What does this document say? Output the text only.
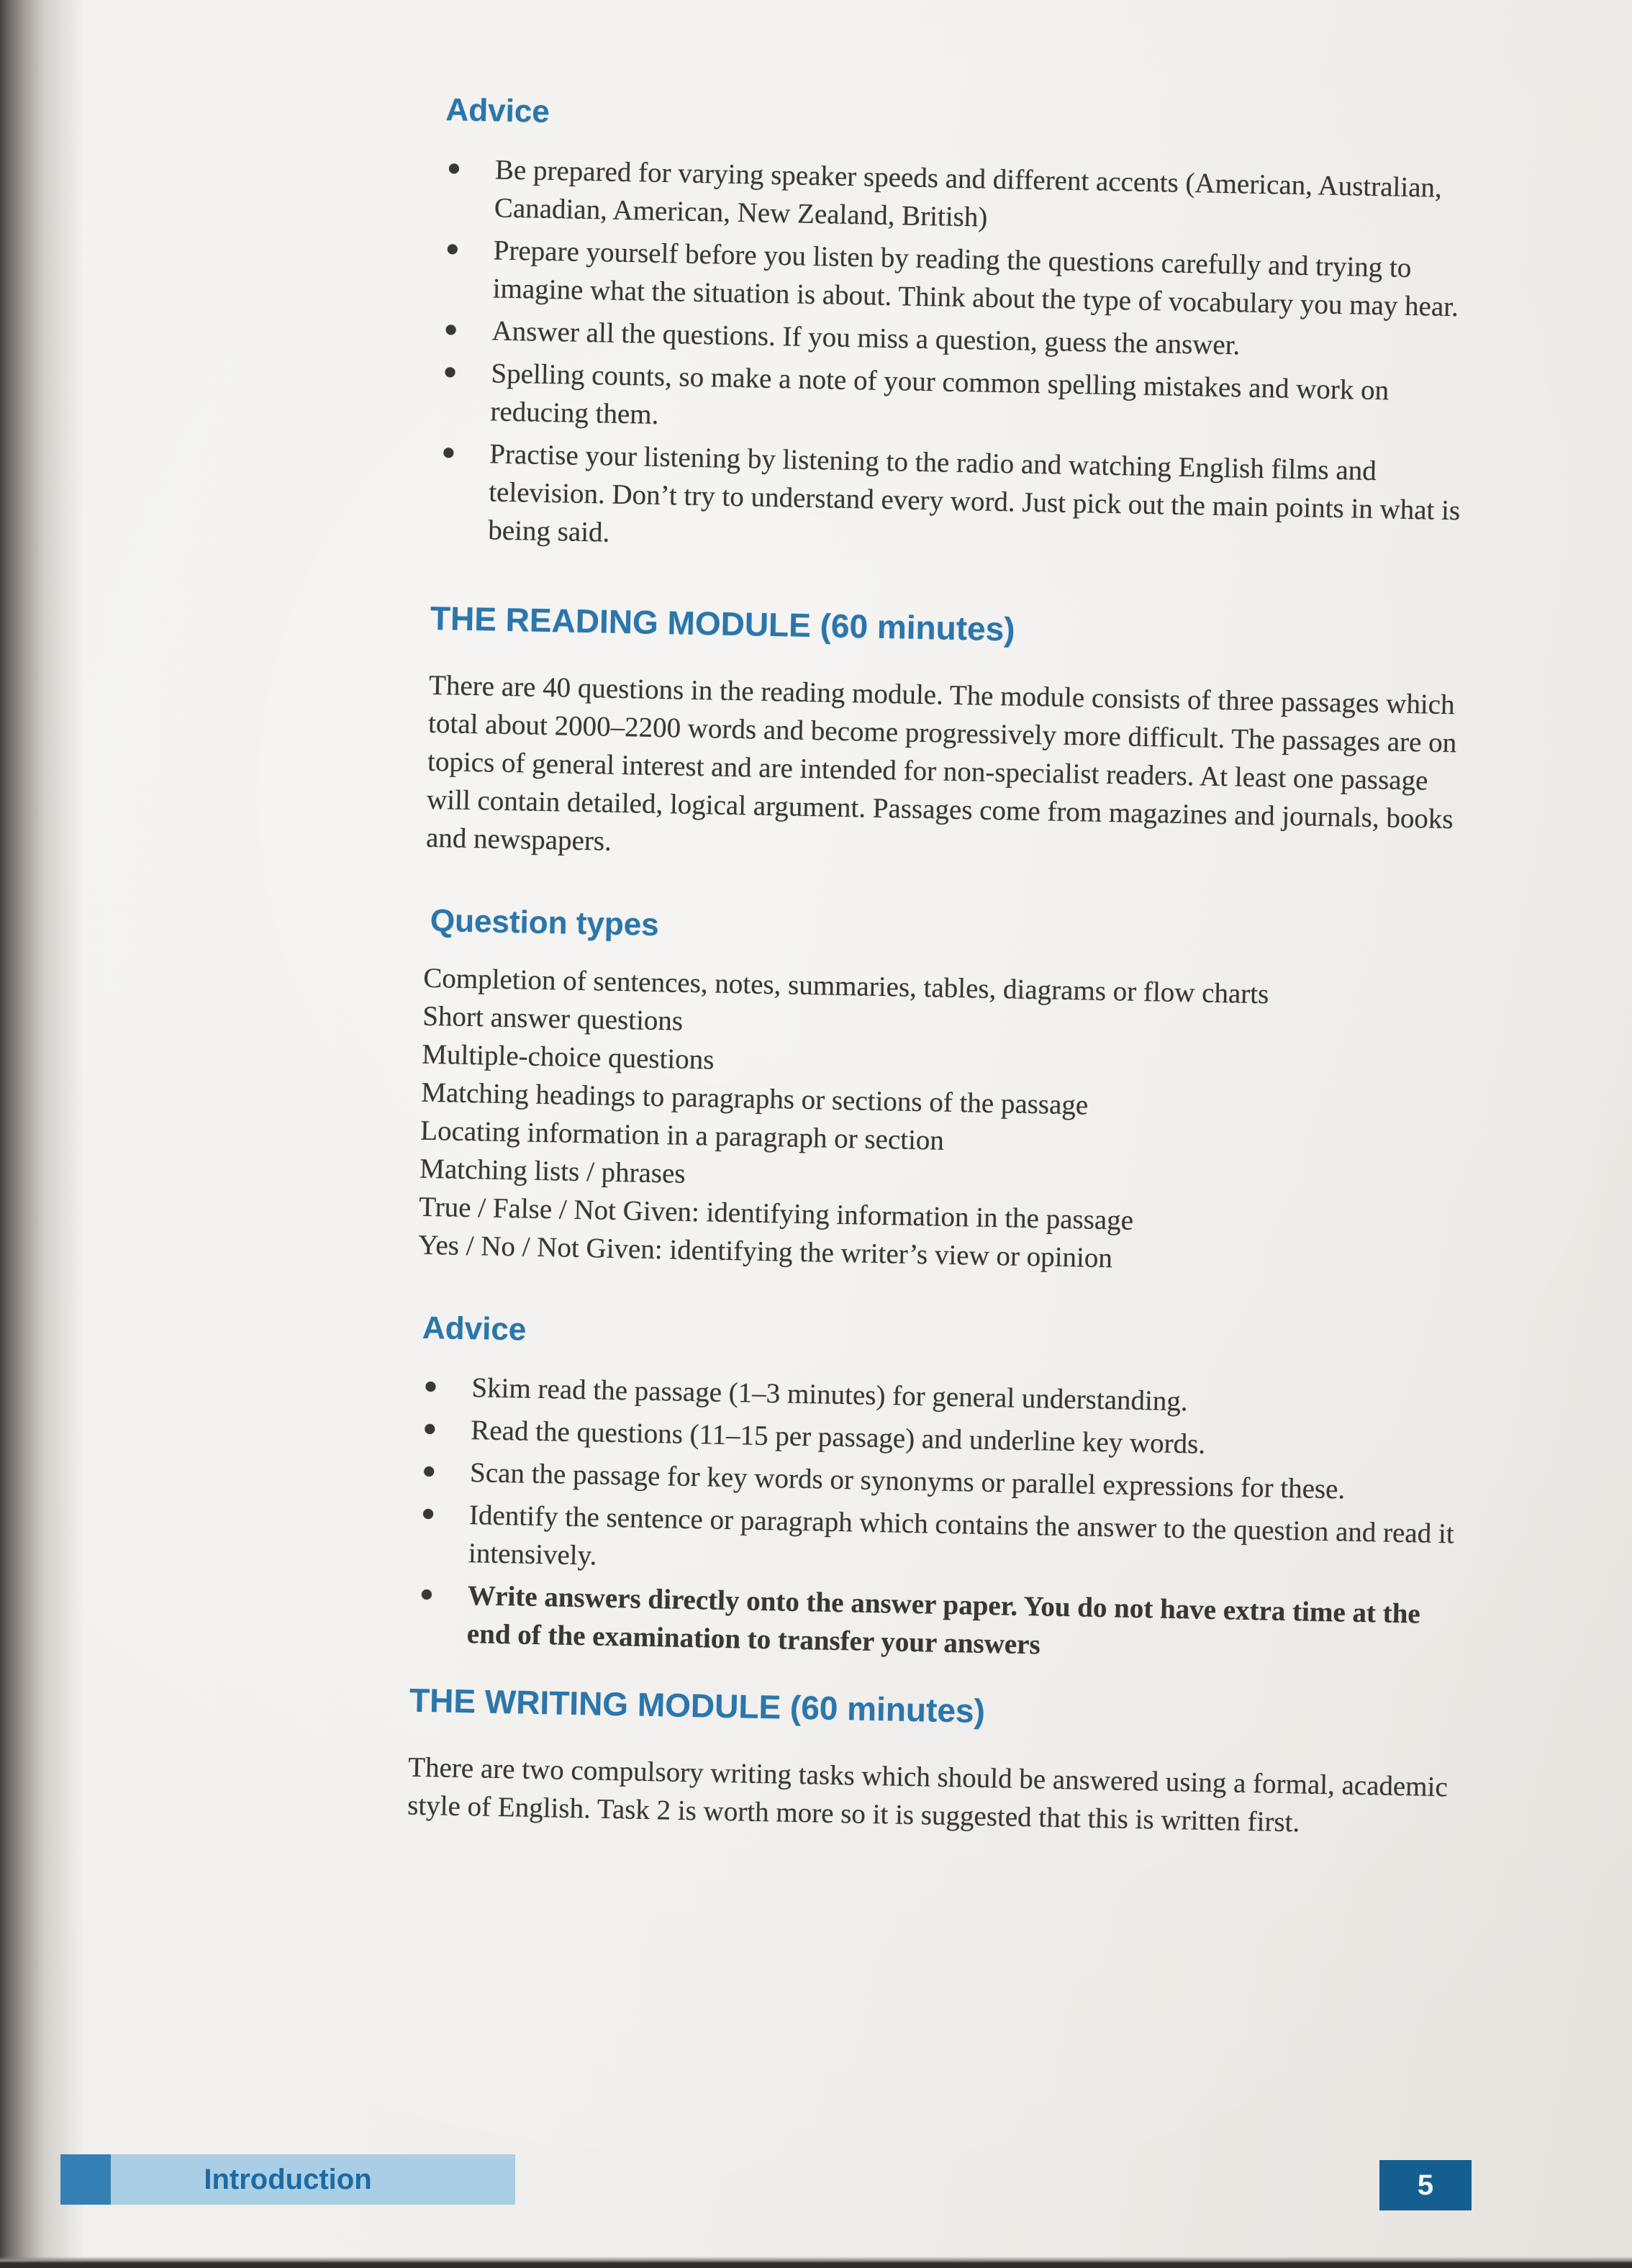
Advice
Be prepared for varying speaker speeds and different accents (American, Australian, Canadian, American, New Zealand, British)
Prepare yourself before you listen by reading the questions carefully and trying to imagine what the situation is about. Think about the type of vocabulary you may hear.
Answer all the questions. If you miss a question, guess the answer.
Spelling counts, so make a note of your common spelling mistakes and work on reducing them.
Practise your listening by listening to the radio and watching English films and television. Don’t try to understand every word. Just pick out the main points in what is being said.
THE READING MODULE (60 minutes)

There are 40 questions in the reading module. The module consists of three passages which total about 2000–2200 words and become progressively more difficult. The passages are on topics of general interest and are intended for non-specialist readers. At least one passage will contain detailed, logical argument. Passages come from magazines and journals, books and newspapers.

Question types

Completion of sentences, notes, summaries, tables, diagrams or flow charts

Short answer questions

Multiple-choice questions

Matching headings to paragraphs or sections of the passage

Locating information in a paragraph or section

Matching lists / phrases

True / False / Not Given: identifying information in the passage

Yes / No / Not Given: identifying the writer’s view or opinion

Advice
Skim read the passage (1–3 minutes) for general understanding.
Read the questions (11–15 per passage) and underline key words.
Scan the passage for key words or synonyms or parallel expressions for these.
Identify the sentence or paragraph which contains the answer to the question and read it intensively.
Write answers directly onto the answer paper. You do not have extra time at the end of the examination to transfer your answers
THE WRITING MODULE (60 minutes)

There are two compulsory writing tasks which should be answered using a formal, academic style of English. Task 2 is worth more so it is suggested that this is written first.

Introduction	5
